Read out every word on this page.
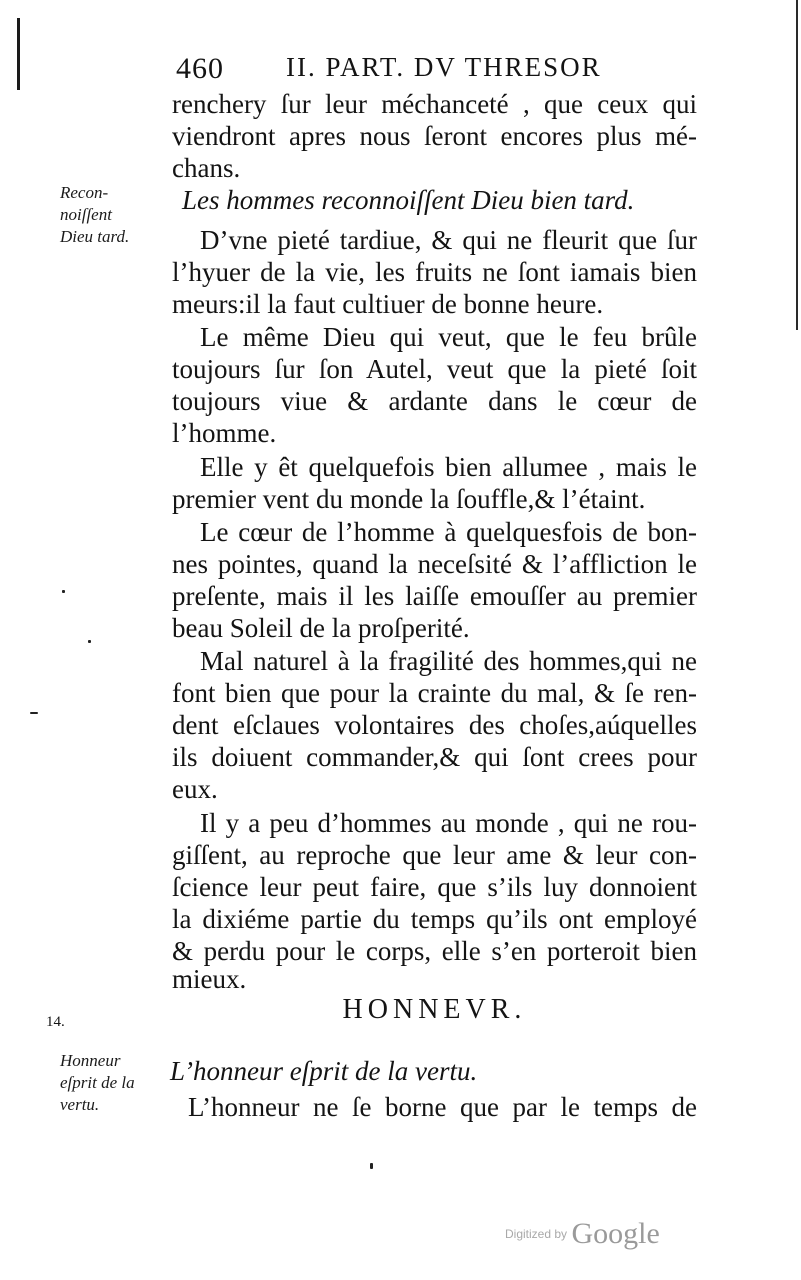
460 II. PART. DV THRESOR
Recon-
noiſſent
Dieu tard.
Honneur
eſprit de la
vertu.
14.
renchery ſur leur méchanceté , que ceux qui
viendront apres nous ſeront encores plus mé-
chans.
Les hommes reconnoiſſent Dieu bien tard.
D’vne pieté tardiue, & qui ne fleurit que ſur
l’hyuer de la vie, les fruits ne ſont iamais bien
meurs:il la faut cultiuer de bonne heure.
Le même Dieu qui veut, que le feu brûle
toujours ſur ſon Autel, veut que la pieté ſoit
toujours viue & ardante dans le cœur de
l’homme.
Elle y êt quelquefois bien allumee , mais le
premier vent du monde la ſouffle,& l’étaint.
Le cœur de l’homme à quelquesfois de bon-
nes pointes, quand la neceſsité & l’affliction le
preſente, mais il les laiſſe emouſſer au premier
beau Soleil de la proſperité.
Mal naturel à la fragilité des hommes,qui ne
font bien que pour la crainte du mal, & ſe ren-
dent eſclaues volontaires des choſes,aúquelles
ils doiuent commander,& qui ſont crees pour
eux.
Il y a peu d’hommes au monde , qui ne rou-
giſſent, au reproche que leur ame & leur con-
ſcience leur peut faire, que s’ils luy donnoient
la dixiéme partie du temps qu’ils ont employé
& perdu pour le corps, elle s’en porteroit bien
mieux.
HONNEVR.
L’honneur eſprit de la vertu.
L’honneur ne ſe borne que par le temps de
Digitized by Google
